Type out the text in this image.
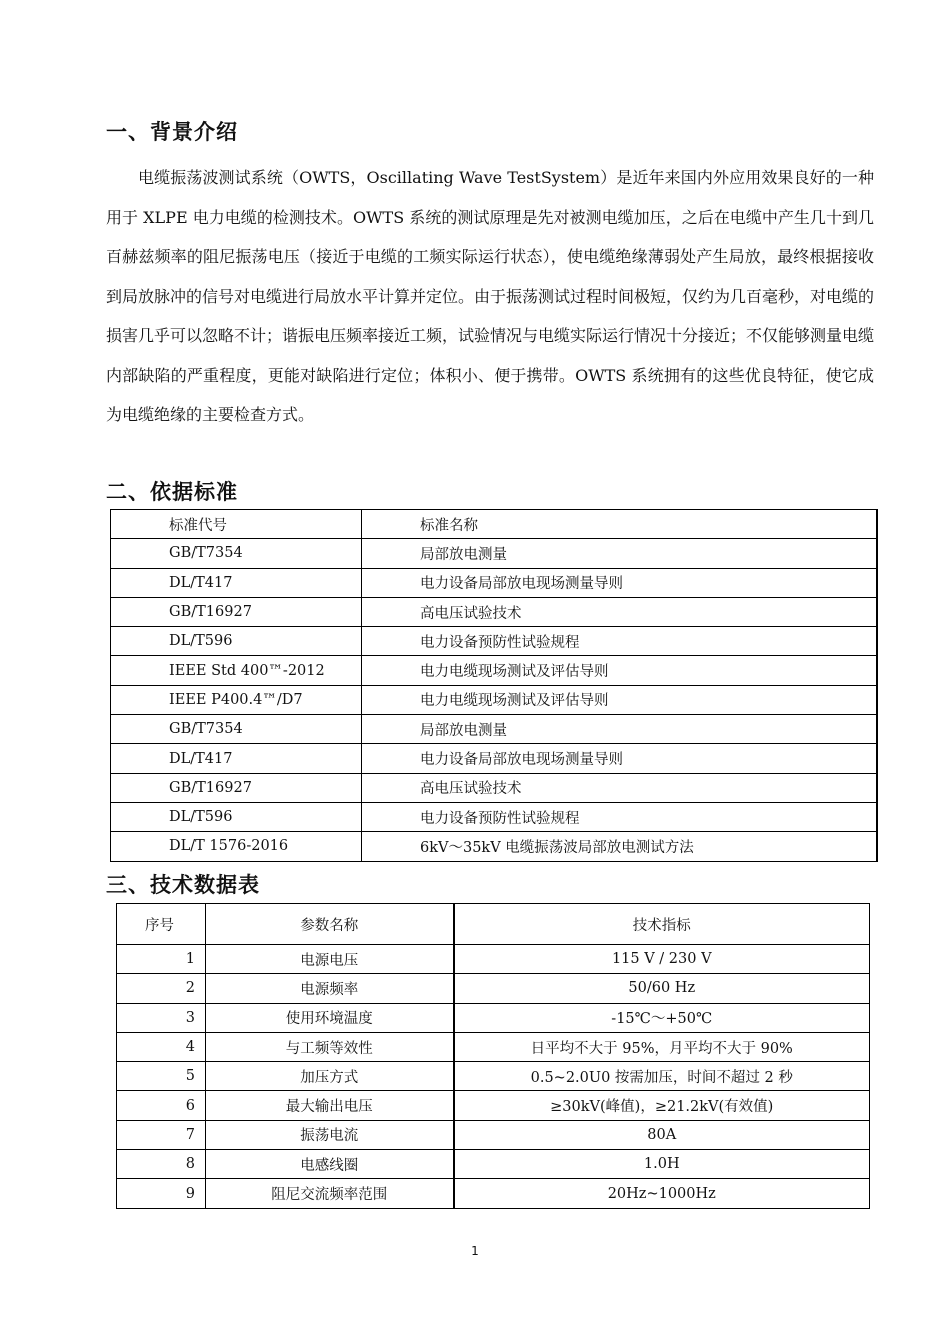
一、背景介绍

电缆振荡波测试系统（OWTS，Oscillating Wave TestSystem）是近年来国内外应用效果良好的一种用于 XLPE 电力电缆的检测技术。OWTS 系统的测试原理是先对被测电缆加压，之后在电缆中产生几十到几百赫兹频率的阻尼振荡电压（接近于电缆的工频实际运行状态），使电缆绝缘薄弱处产生局放，最终根据接收到局放脉冲的信号对电缆进行局放水平计算并定位。由于振荡测试过程时间极短，仅约为几百毫秒，对电缆的损害几乎可以忽略不计；谐振电压频率接近工频，试验情况与电缆实际运行情况十分接近；不仅能够测量电缆内部缺陷的严重程度，更能对缺陷进行定位；体积小、便于携带。OWTS 系统拥有的这些优良特征，使它成为电缆绝缘的主要检查方式。

二、依据标准
标准代号	标准名称
GB/T7354	局部放电测量
DL/T417	电力设备局部放电现场测量导则
GB/T16927	高电压试验技术
DL/T596	电力设备预防性试验规程
IEEE Std 400™-2012	电力电缆现场测试及评估导则
IEEE P400.4™/D7	电力电缆现场测试及评估导则
GB/T7354	局部放电测量
DL/T417	电力设备局部放电现场测量导则
GB/T16927	高电压试验技术
DL/T596	电力设备预防性试验规程
DL/T 1576-2016	6kV～35kV 电缆振荡波局部放电测试方法
三、技术数据表
序号	参数名称	技术指标
1	电源电压	115 V / 230 V
2	电源频率	50/60 Hz
3	使用环境温度	-15℃～+50℃
4	与工频等效性	日平均不大于 95%，月平均不大于 90%
5	加压方式	0.5~2.0U0 按需加压，时间不超过 2 秒
6	最大输出电压	≥30kV(峰值)，≥21.2kV(有效值)
7	振荡电流	80A
8	电感线圈	1.0H
9	阻尼交流频率范围	20Hz~1000Hz
1
